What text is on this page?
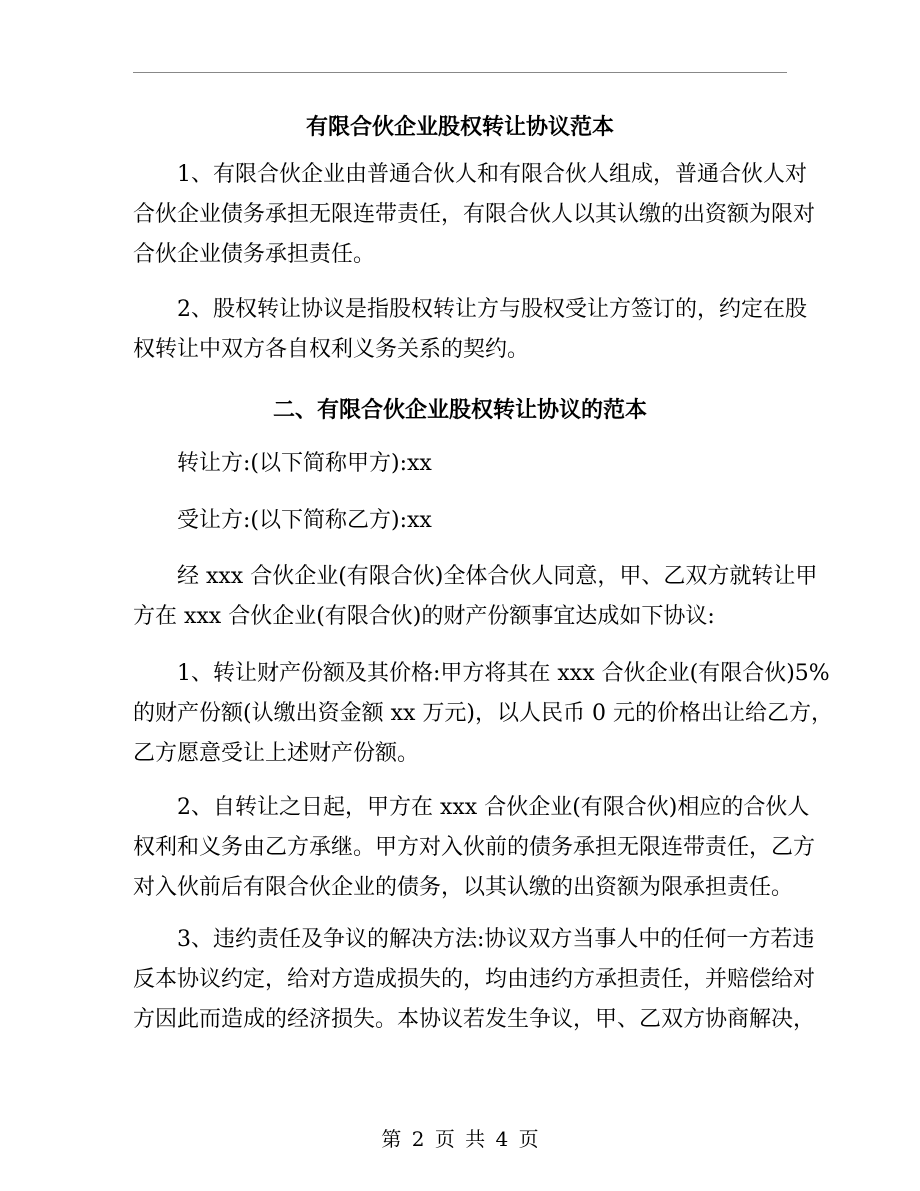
有限合伙企业股权转让协议范本
1、有限合伙企业由普通合伙人和有限合伙人组成，普通合伙人对
合伙企业债务承担无限连带责任，有限合伙人以其认缴的出资额为限对
合伙企业债务承担责任。
2、股权转让协议是指股权转让方与股权受让方签订的，约定在股
权转让中双方各自权利义务关系的契约。
二、有限合伙企业股权转让协议的范本
转让方:(以下简称甲方):xx
受让方:(以下简称乙方):xx
经 xxx 合伙企业(有限合伙)全体合伙人同意，甲、乙双方就转让甲
方在 xxx 合伙企业(有限合伙)的财产份额事宜达成如下协议:
1、转让财产份额及其价格:甲方将其在 xxx 合伙企业(有限合伙)5%
的财产份额(认缴出资金额 xx 万元)，以人民币 0 元的价格出让给乙方，
乙方愿意受让上述财产份额。
2、自转让之日起，甲方在 xxx 合伙企业(有限合伙)相应的合伙人
权利和义务由乙方承继。甲方对入伙前的债务承担无限连带责任，乙方
对入伙前后有限合伙企业的债务，以其认缴的出资额为限承担责任。
3、违约责任及争议的解决方法:协议双方当事人中的任何一方若违
反本协议约定，给对方造成损失的，均由违约方承担责任，并赔偿给对
方因此而造成的经济损失。本协议若发生争议，甲、乙双方协商解决，
第 2 页 共 4 页
